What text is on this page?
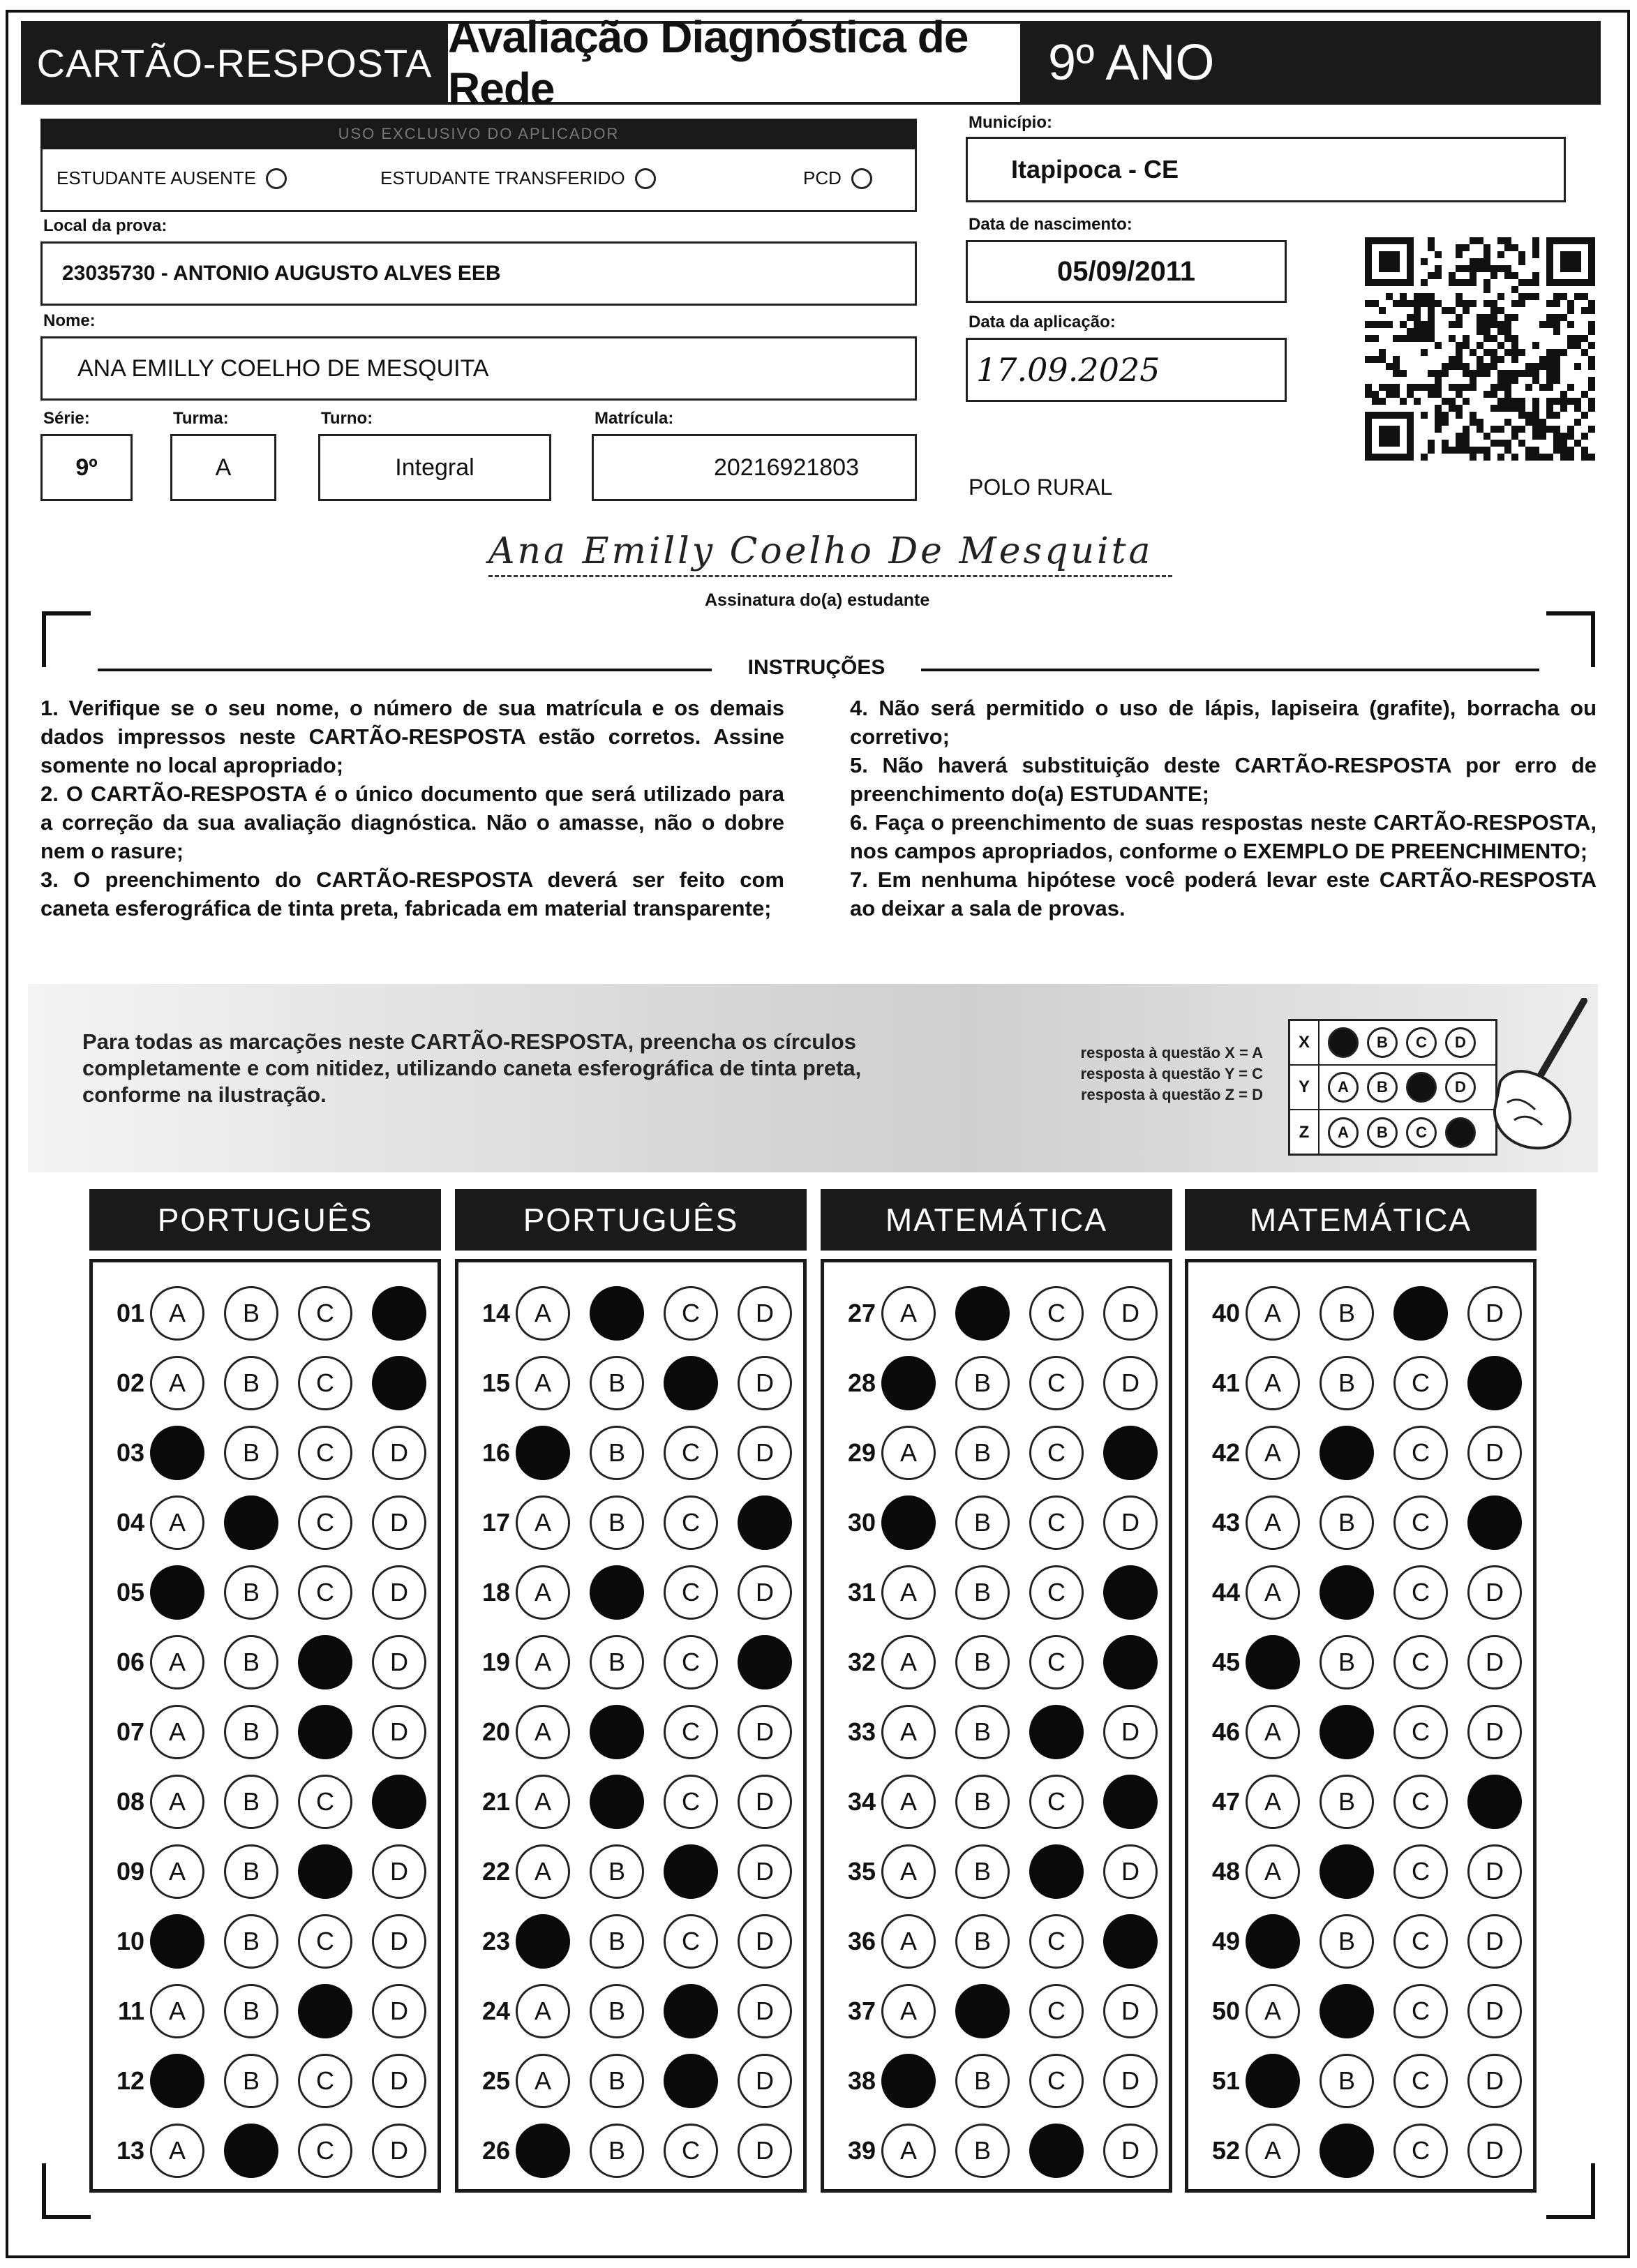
CARTÃO-RESPOSTA
Avaliação Diagnóstica de Rede	9º ANO
USO EXCLUSIVO DO APLICADOR
ESTUDANTE AUSENTE	ESTUDANTE TRANSFERIDO	PCD
Local da prova:
23035730 - ANTONIO AUGUSTO ALVES EEB
Nome:
ANA EMILLY COELHO DE MESQUITA
Série:
9º
Turma:
A
Turno:
Integral
Matrícula:
20216921803
Município:
Itapipoca - CE
Data de nascimento:
05/09/2011
Data da aplicação:
17.09.2025
POLO RURAL
Ana Emilly Coelho De Mesquita
Assinatura do(a) estudante
INSTRUÇÕES
1. Verifique se o seu nome, o número de sua matrícula e os demais dados impressos neste CARTÃO-RESPOSTA estão corretos. Assine somente no local apropriado;
2. O CARTÃO-RESPOSTA é o único documento que será utilizado para a correção da sua avaliação diagnóstica. Não o amasse, não o dobre nem o rasure;
3. O preenchimento do CARTÃO-RESPOSTA deverá ser feito com caneta esferográfica de tinta preta, fabricada em material transparente;
4. Não será permitido o uso de lápis, lapiseira (grafite), borracha ou corretivo;
5. Não haverá substituição deste CARTÃO-RESPOSTA por erro de preenchimento do(a) ESTUDANTE;
6. Faça o preenchimento de suas respostas neste CARTÃO-RESPOSTA, nos campos apropriados, conforme o EXEMPLO DE PREENCHIMENTO;
7. Em nenhuma hipótese você poderá levar este CARTÃO-RESPOSTA ao deixar a sala de provas.
Para todas as marcações neste CARTÃO-RESPOSTA, preencha os círculos completamente e com nitidez, utilizando caneta esferográfica de tinta preta, conforme na ilustração.
resposta à questão X = A
resposta à questão Y = C
resposta à questão Z = D
X	B	C	D
Y	A	B	D
Z	A	B	C
PORTUGUÊS
01 A	B	C
02 A	B	C
03	B	C	D
04 A	C	D
05	B	C	D
06 A	B	D
07 A	B	D
08 A	B	C
09 A	B	D
10	B	C	D
11 A	B	D
12	B	C	D
13 A	C	D
PORTUGUÊS
14 A	C	D
15 A	B	D
16	B	C	D
17 A	B	C
18 A	C	D
19 A	B	C
20 A	C	D
21 A	C	D
22 A	B	D
23	B	C	D
24 A	B	D
25 A	B	D
26	B	C	D
MATEMÁTICA
27 A	C	D
28	B	C	D
29 A	B	C
30	B	C	D
31 A	B	C
32 A	B	C
33 A	B	D
34 A	B	C
35 A	B	D
36 A	B	C
37 A	C	D
38	B	C	D
39 A	B	D
MATEMÁTICA
40 A	B	D
41 A	B	C
42 A	C	D
43 A	B	C
44 A	C	D
45	B	C	D
46 A	C	D
47 A	B	C
48 A	C	D
49	B	C	D
50 A	C	D
51	B	C	D
52 A	C	D
